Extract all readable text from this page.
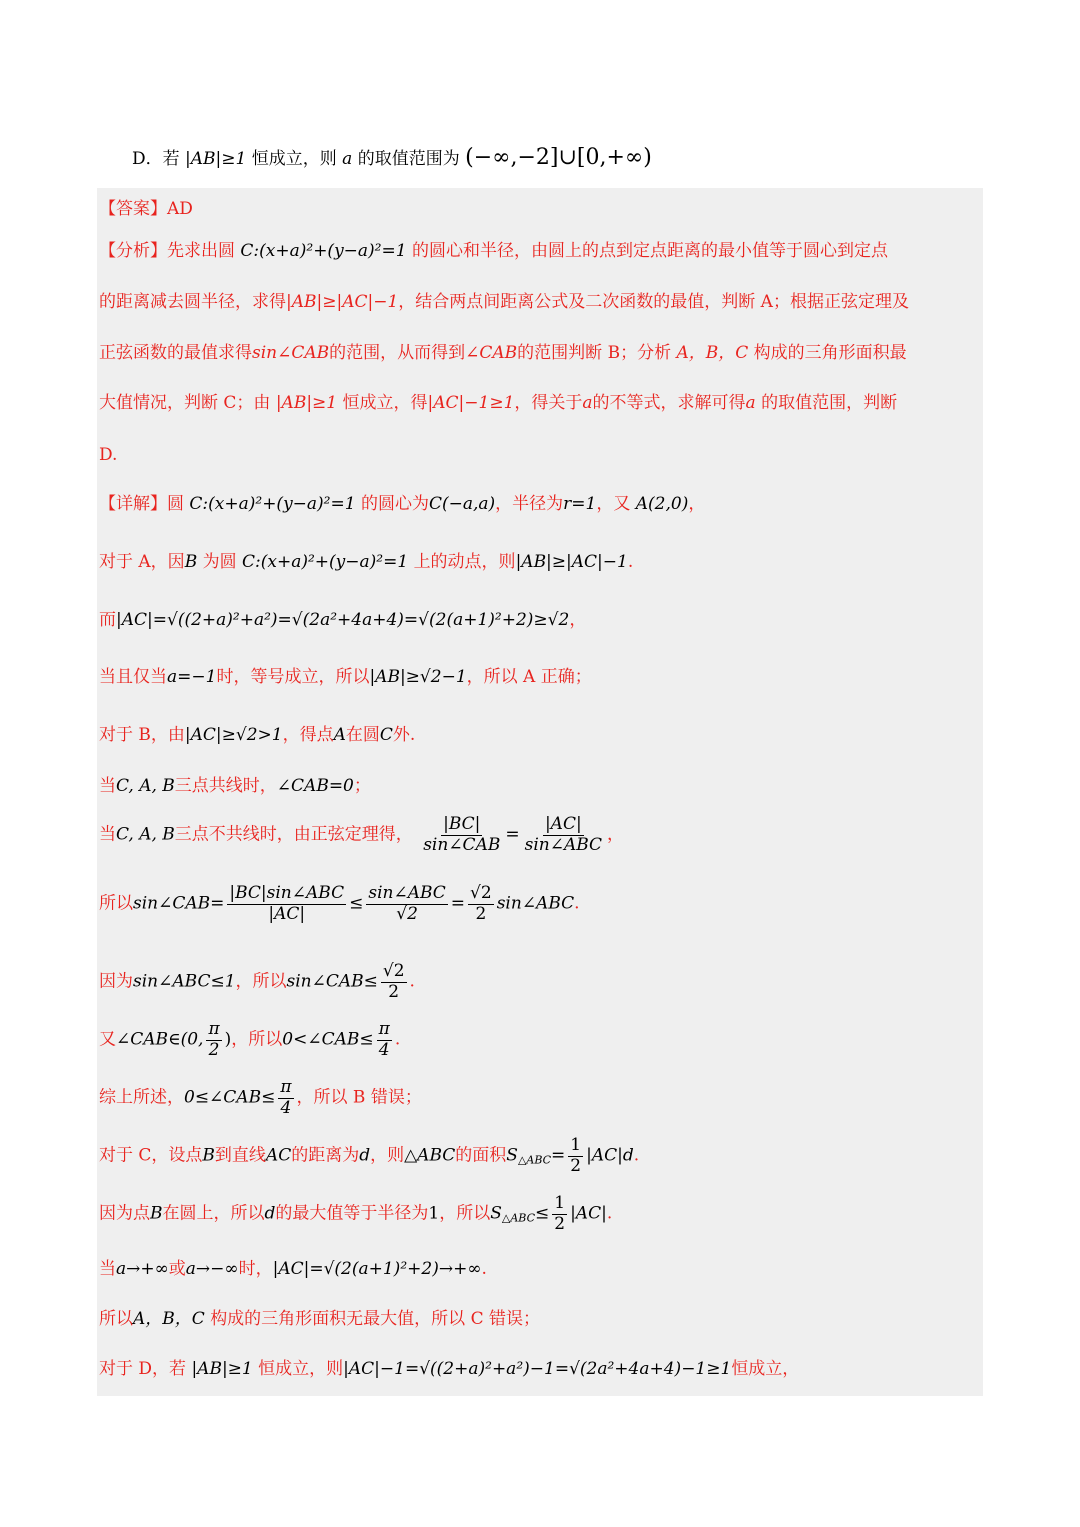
D．若 |AB|≥1 恒成立，则 a 的取值范围为 (−∞,−2]∪[0,+∞)
【答案】AD
【分析】先求出圆 C:(x+a)²+(y−a)²=1 的圆心和半径，由圆上的点到定点距离的最小值等于圆心到定点
的距离减去圆半径，求得|AB|≥|AC|−1，结合两点间距离公式及二次函数的最值，判断 A；根据正弦定理及
正弦函数的最值求得sin∠CAB的范围，从而得到∠CAB的范围判断 B；分析 A，B，C 构成的三角形面积最
大值情况，判断 C；由 |AB|≥1 恒成立，得|AC|−1≥1，得关于a的不等式，求解可得a 的取值范围，判断
D.
【详解】圆 C:(x+a)²+(y−a)²=1 的圆心为C(−a,a)，半径为r=1，又 A(2,0)，
对于 A，因B 为圆 C:(x+a)²+(y−a)²=1 上的动点，则|AB|≥|AC|−1.
而|AC|=√((2+a)²+a²)=√(2a²+4a+4)=√(2(a+1)²+2)≥√2，
当且仅当a=−1时，等号成立，所以|AB|≥√2−1，所以 A 正确；
对于 B，由|AC|≥√2>1，得点A在圆C外.
当C, A, B三点共线时，∠CAB=0；
当C, A, B三点不共线时，由正弦定理得， $\frac{|BC|}{\text{sin∠CAB}} = \frac{|AC|}{\text{sin∠ABC}}$ ，
所以sin∠CAB= $\frac{\text{|BC|sin∠ABC}}{|AC|} \le \frac{\text{sin∠ABC}}{√2} = \frac{√2}{2}$ sin∠ABC.
因为sin∠ABC≤1，所以sin∠CAB≤ $\frac{√2}{2}$ .
又∠CAB∈(0, $\frac{\pi}{2}$ )，所以0<∠CAB≤ $\frac{\pi}{4}$ .
综上所述，0≤∠CAB≤ $\frac{\pi}{4}$ ，所以 B 错误；
对于 C，设点B到直线AC的距离为d，则△ABC的面积$S_{\triangle ABC}= \frac{1}{2} |AC|d$.
因为点B在圆上，所以d的最大值等于半径为1，所以$S_{\triangle ABC}\le \frac{1}{2} |AC|$.
当a→+∞或a→−∞时，|AC|=√(2(a+1)²+2)→+∞.
所以A，B，C 构成的三角形面积无最大值，所以 C 错误；
对于 D，若 |AB|≥1 恒成立，则|AC|−1=√((2+a)²+a²)−1=√(2a²+4a+4)−1≥1恒成立，
